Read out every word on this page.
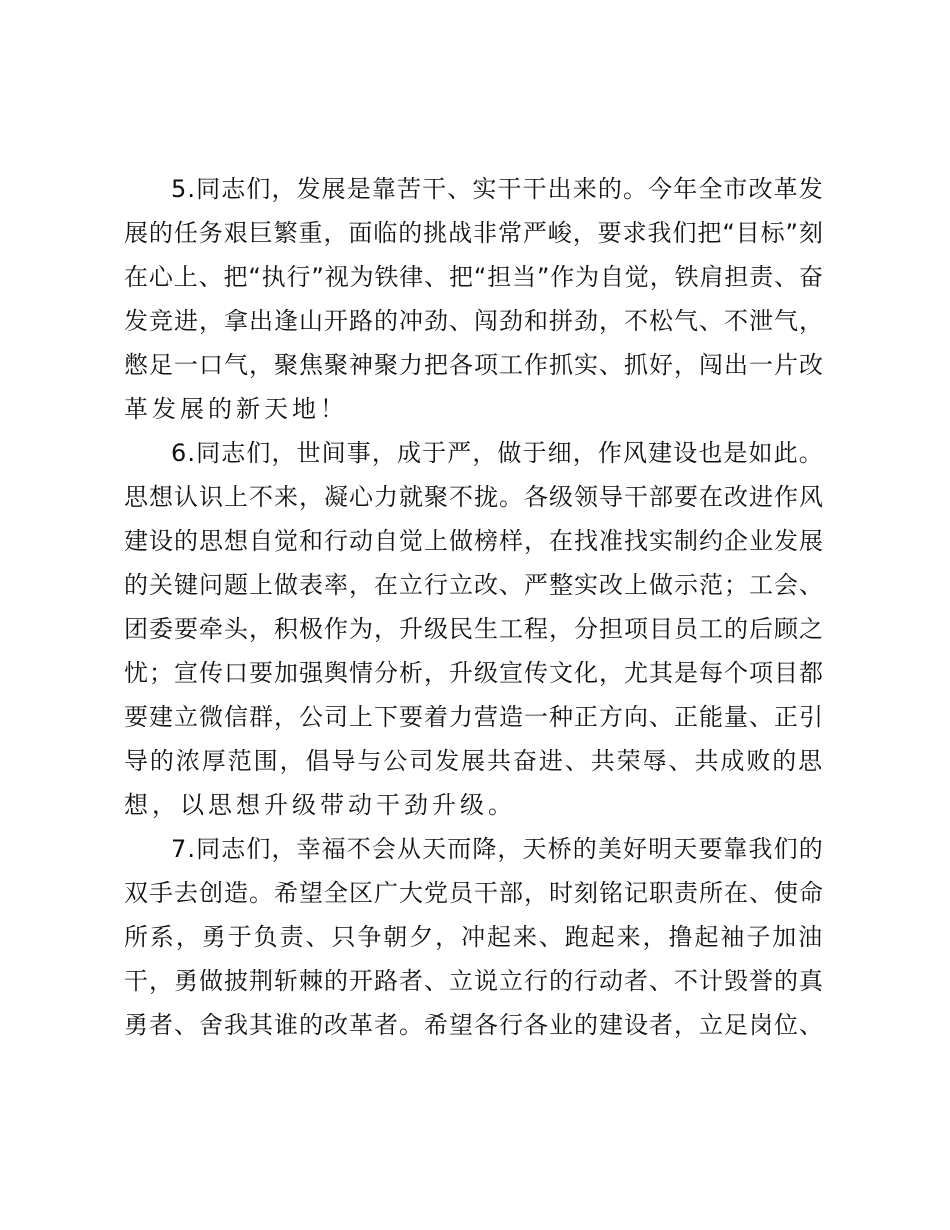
5.同志们，发展是靠苦干、实干干出来的。今年全市改革发
展的任务艰巨繁重，面临的挑战非常严峻，要求我们把“目标”刻
在心上、把“执行”视为铁律、把“担当”作为自觉，铁肩担责、奋
发竞进，拿出逢山开路的冲劲、闯劲和拼劲，不松气、不泄气，
憋足一口气，聚焦聚神聚力把各项工作抓实、抓好，闯出一片改
革发展的新天地！
6.同志们，世间事，成于严，做于细，作风建设也是如此。
思想认识上不来，凝心力就聚不拢。各级领导干部要在改进作风
建设的思想自觉和行动自觉上做榜样，在找准找实制约企业发展
的关键问题上做表率，在立行立改、严整实改上做示范；工会、
团委要牵头，积极作为，升级民生工程，分担项目员工的后顾之
忧；宣传口要加强舆情分析，升级宣传文化，尤其是每个项目都
要建立微信群，公司上下要着力营造一种正方向、正能量、正引
导的浓厚范围，倡导与公司发展共奋进、共荣辱、共成败的思
想，以思想升级带动干劲升级。
7.同志们，幸福不会从天而降，天桥的美好明天要靠我们的
双手去创造。希望全区广大党员干部，时刻铭记职责所在、使命
所系，勇于负责、只争朝夕，冲起来、跑起来，撸起袖子加油
干，勇做披荆斩棘的开路者、立说立行的行动者、不计毁誉的真
勇者、舍我其谁的改革者。希望各行各业的建设者，立足岗位、
